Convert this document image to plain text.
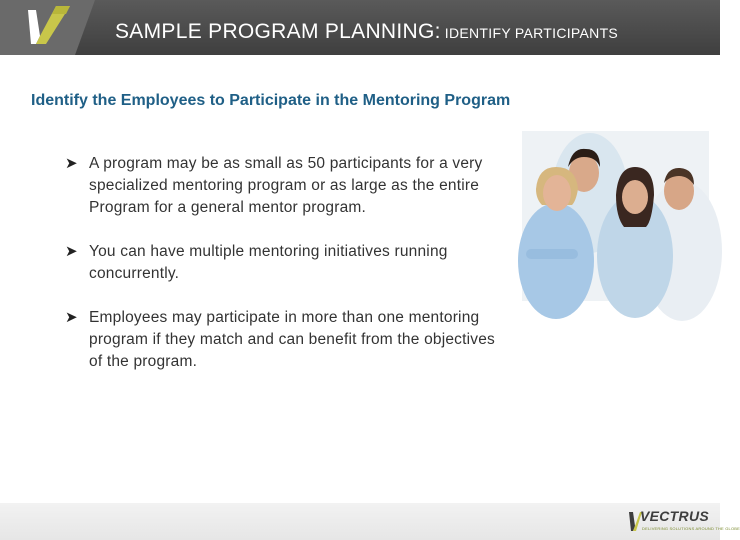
SAMPLE PROGRAM PLANNING: IDENTIFY PARTICIPANTS
Identify the Employees to Participate in the Mentoring Program
➤ A program may be as small as 50 participants for a very specialized mentoring program or as large as the entire Program for a general mentor program.
➤ You can have multiple mentoring initiatives running concurrently.
➤ Employees may participate in more than one mentoring program if they match and can benefit from the objectives of the program.
VECTRUS
DELIVERING SOLUTIONS AROUND THE GLOBE
